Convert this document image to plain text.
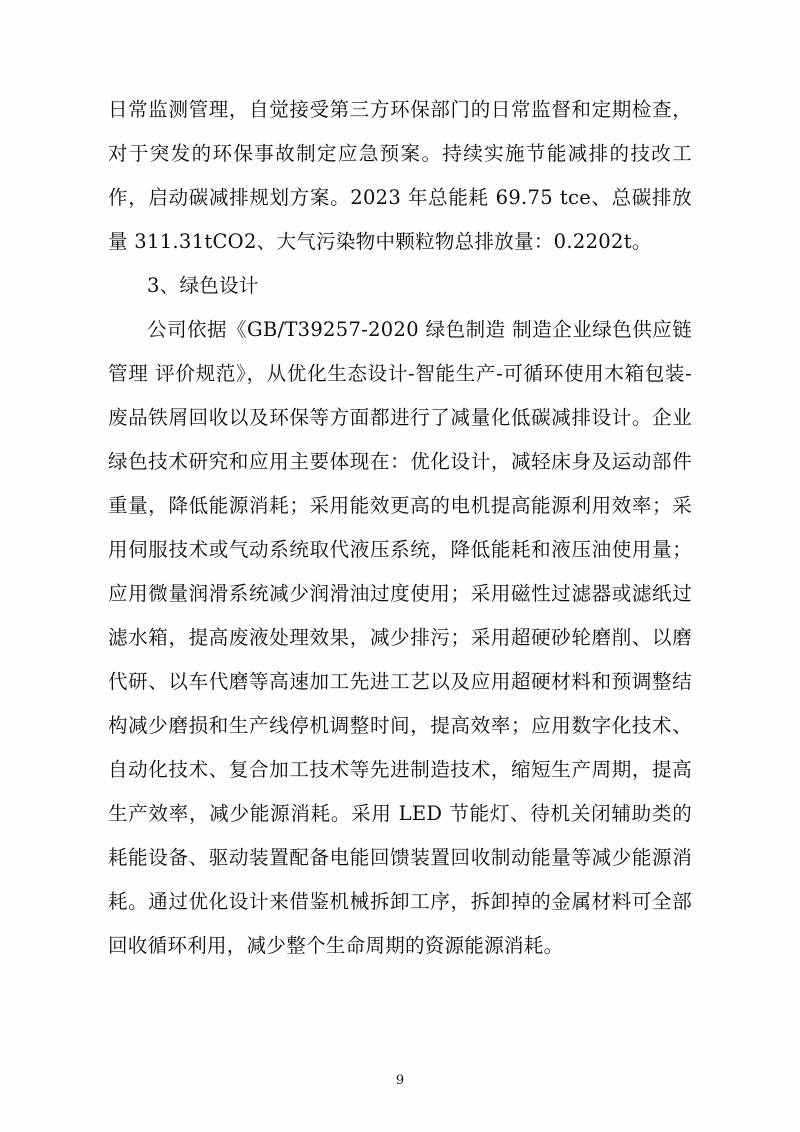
日常监测管理，自觉接受第三方环保部门的日常监督和定期检查，对于突发的环保事故制定应急预案。持续实施节能减排的技改工作，启动碳减排规划方案。2023 年总能耗 69.75 tce、总碳排放量 311.31tCO2、大气污染物中颗粒物总排放量：0.2202t。

3、绿色设计

公司依据《GB/T39257-2020 绿色制造 制造企业绿色供应链管理 评价规范》，从优化生态设计-智能生产-可循环使用木箱包装-废品铁屑回收以及环保等方面都进行了减量化低碳减排设计。企业绿色技术研究和应用主要体现在：优化设计，减轻床身及运动部件重量，降低能源消耗；采用能效更高的电机提高能源利用效率；采用伺服技术或气动系统取代液压系统，降低能耗和液压油使用量；应用微量润滑系统减少润滑油过度使用；采用磁性过滤器或滤纸过滤水箱，提高废液处理效果，减少排污；采用超硬砂轮磨削、以磨代研、以车代磨等高速加工先进工艺以及应用超硬材料和预调整结构减少磨损和生产线停机调整时间，提高效率；应用数字化技术、自动化技术、复合加工技术等先进制造技术，缩短生产周期，提高生产效率，减少能源消耗。采用 LED 节能灯、待机关闭辅助类的耗能设备、驱动装置配备电能回馈装置回收制动能量等减少能源消耗。通过优化设计来借鉴机械拆卸工序，拆卸掉的金属材料可全部回收循环利用，减少整个生命周期的资源能源消耗。

9
